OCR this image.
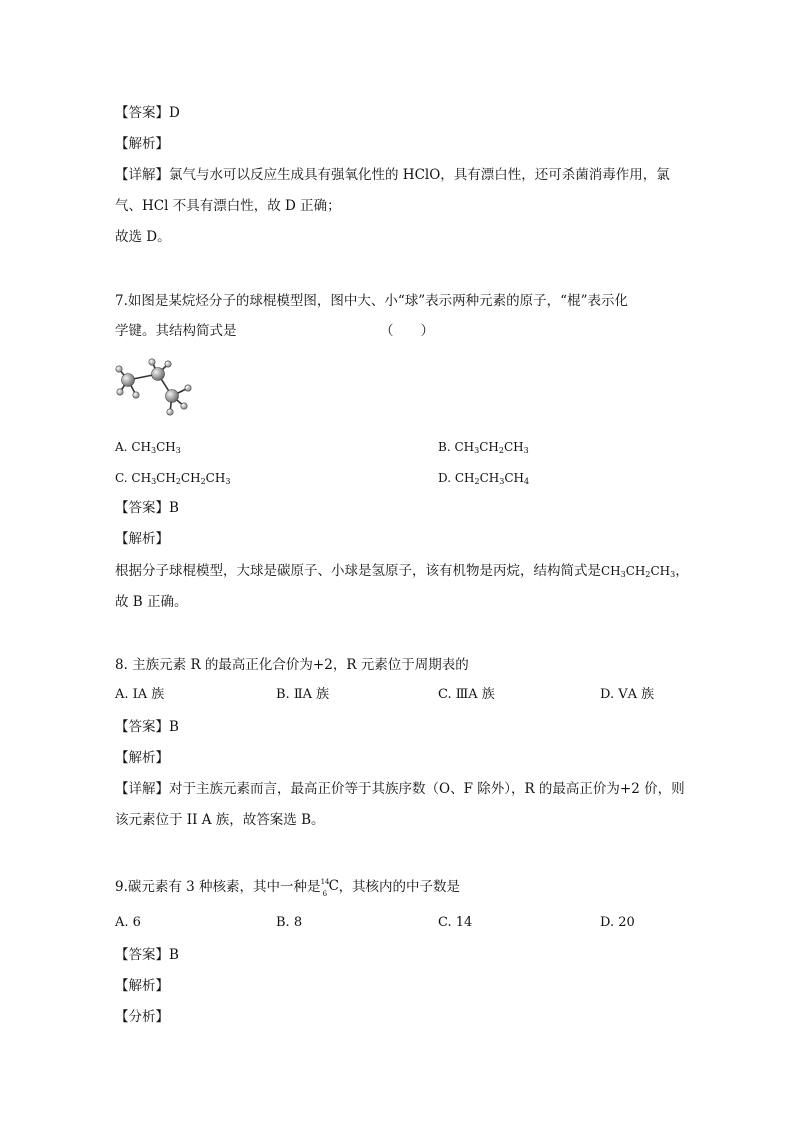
【答案】D
【解析】
【详解】氯气与水可以反应生成具有强氧化性的 HClO，具有漂白性，还可杀菌消毒作用，氯
气、HCl 不具有漂白性，故 D 正确；
故选 D。
7.如图是某烷烃分子的球棍模型图，图中大、小“球”表示两种元素的原子，“棍”表示化
学键。其结构简式是	（　　）
A. $CH_3CH_3$	B. $CH_3CH_2CH_3$
C. $CH_3CH_2CH_2CH_3$	D. $CH_2CH_3CH_4$
【答案】B
【解析】
根据分子球棍模型，大球是碳原子、小球是氢原子，该有机物是丙烷，结构简式是$CH_3CH_2CH_3$，
故 B 正确。
8. 主族元素 R 的最高正化合价为+2，R 元素位于周期表的
A. ⅠA 族	B. ⅡA 族	C. ⅢA 族	D. ⅤA 族
【答案】B
【解析】
【详解】对于主族元素而言，最高正价等于其族序数（O、F 除外），R 的最高正价为+2 价，则
该元素位于 II A 族，故答案选 B。
9.碳元素有 3 种核素，其中一种是 14
6 C ，其核内的中子数是
A. 6	B. 8	C. 14	D. 20
【答案】B
【解析】
【分析】
